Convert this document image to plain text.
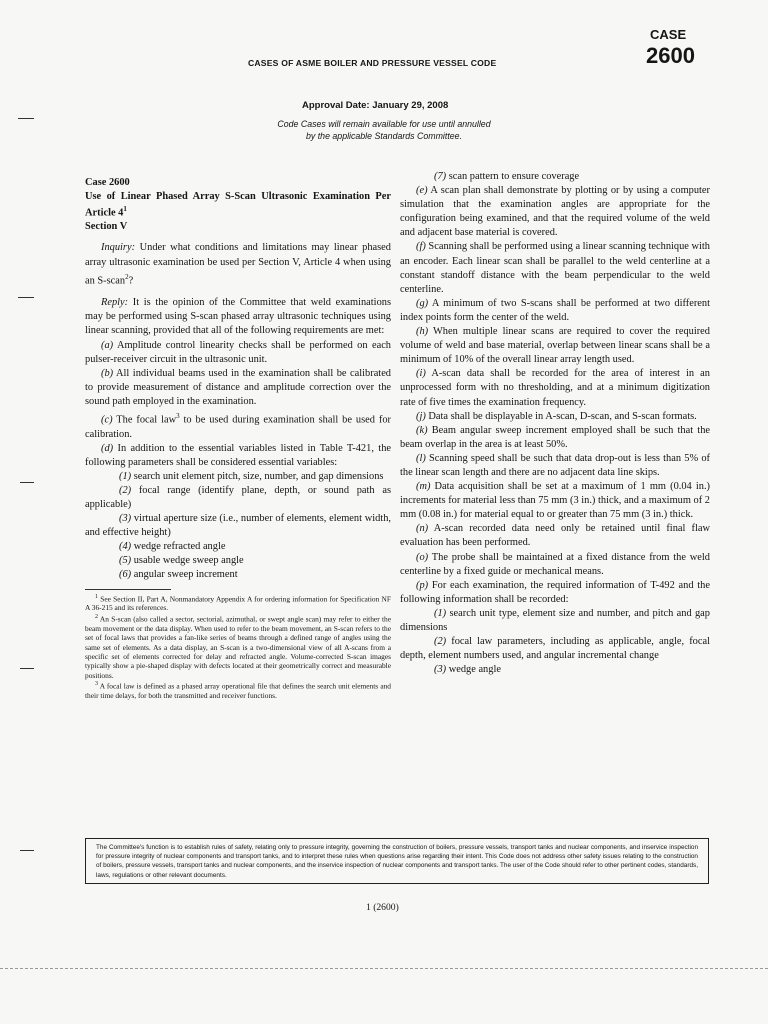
CASES OF ASME BOILER AND PRESSURE VESSEL CODE
CASE
2600
Approval Date: January 29, 2008
Code Cases will remain available for use until annulled
by the applicable Standards Committee.

Case 2600

Use of Linear Phased Array S-Scan Ultrasonic Examination Per Article $4^1$

Section V

Inquiry: Under what conditions and limitations may linear phased array ultrasonic examination be used per Section V, Article 4 when using an S-scan$^2$?

Reply: It is the opinion of the Committee that weld examinations may be performed using S-scan phased array ultrasonic techniques using linear scanning, provided that all of the following requirements are met:

(a) Amplitude control linearity checks shall be performed on each pulser-receiver circuit in the ultrasonic unit.

(b) All individual beams used in the examination shall be calibrated to provide measurement of distance and amplitude correction over the sound path employed in the examination.

(c) The focal law$^3$ to be used during examination shall be used for calibration.

(d) In addition to the essential variables listed in Table T-421, the following parameters shall be considered essential variables:

(1) search unit element pitch, size, number, and gap dimensions

(2) focal range (identify plane, depth, or sound path as applicable)

(3) virtual aperture size (i.e., number of elements, element width, and effective height)

(4) wedge refracted angle

(5) usable wedge sweep angle

(6) angular sweep increment

$^1$ See Section II, Part A, Nonmandatory Appendix A for ordering information for Specification NF A 36-215 and its references.

$^2$ An S-scan (also called a sector, sectorial, azimuthal, or swept angle scan) may refer to either the beam movement or the data display. When used to refer to the beam movement, an S-scan refers to the set of focal laws that provides a fan-like series of beams through a defined range of angles using the same set of elements. As a data display, an S-scan is a two-dimensional view of all A-scans from a specific set of elements corrected for delay and refracted angle. Volume-corrected S-scan images typically show a pie-shaped display with defects located at their geometrically correct and measurable positions.

$^3$ A focal law is defined as a phased array operational file that defines the search unit elements and their time delays, for both the transmitted and receiver functions.

(7) scan pattern to ensure coverage

(e) A scan plan shall demonstrate by plotting or by using a computer simulation that the examination angles are appropriate for the configuration being examined, and that the required volume of the weld and adjacent base material is covered.

(f) Scanning shall be performed using a linear scanning technique with an encoder. Each linear scan shall be parallel to the weld centerline at a constant standoff distance with the beam perpendicular to the weld centerline.

(g) A minimum of two S-scans shall be performed at two different index points form the center of the weld.

(h) When multiple linear scans are required to cover the required volume of weld and base material, overlap between linear scans shall be a minimum of 10% of the overall linear array length used.

(i) A-scan data shall be recorded for the area of interest in an unprocessed form with no thresholding, and at a minimum digitization rate of five times the examination frequency.

(j) Data shall be displayable in A-scan, D-scan, and S-scan formats.

(k) Beam angular sweep increment employed shall be such that the beam overlap in the area is at least 50%.

(l) Scanning speed shall be such that data drop-out is less than 5% of the linear scan length and there are no adjacent data line skips.

(m) Data acquisition shall be set at a maximum of 1 mm (0.04 in.) increments for material less than 75 mm (3 in.) thick, and a maximum of 2 mm (0.08 in.) for material equal to or greater than 75 mm (3 in.) thick.

(n) A-scan recorded data need only be retained until final flaw evaluation has been performed.

(o) The probe shall be maintained at a fixed distance from the weld centerline by a fixed guide or mechanical means.

(p) For each examination, the required information of T-492 and the following information shall be recorded:

(1) search unit type, element size and number, and pitch and gap dimensions

(2) focal law parameters, including as applicable, angle, focal depth, element numbers used, and angular incremental change

(3) wedge angle

The Committee's function is to establish rules of safety, relating only to pressure integrity, governing the construction of boilers, pressure vessels, transport tanks and nuclear components, and inservice inspection for pressure integrity of nuclear components and transport tanks, and to interpret these rules when questions arise regarding their intent. This Code does not address other safety issues relating to the construction of boilers, pressure vessels, transport tanks and nuclear components, and the inservice inspection of nuclear components and transport tanks. The user of the Code should refer to other pertinent codes, standards, laws, regulations or other relevant documents.
1 (2600)
